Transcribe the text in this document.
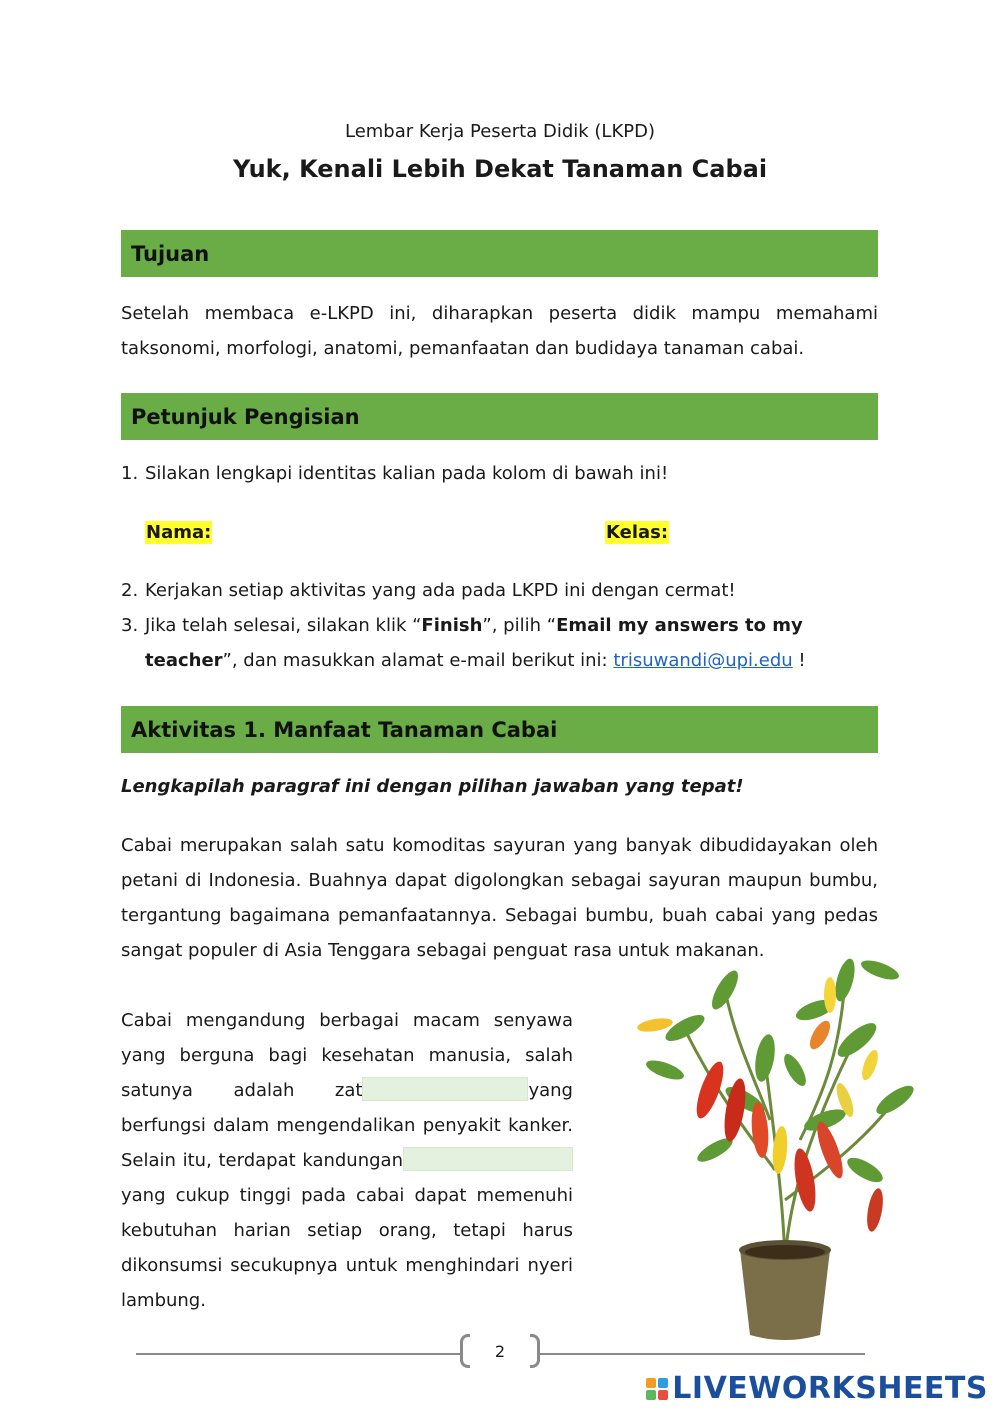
Lembar Kerja Peserta Didik (LKPD)
Yuk, Kenali Lebih Dekat Tanaman Cabai
Tujuan
Setelah membaca e-LKPD ini, diharapkan peserta didik mampu memahami taksonomi, morfologi, anatomi, pemanfaatan dan budidaya tanaman cabai.
Petunjuk Pengisian
1. Silakan lengkapi identitas kalian pada kolom di bawah ini!
Nama:	Kelas:
2. Kerjakan setiap aktivitas yang ada pada LKPD ini dengan cermat!
3. Jika telah selesai, silakan klik “Finish”, pilih “Email my answers to my
teacher”, dan masukkan alamat e-mail berikut ini: trisuwandi@upi.edu !
Aktivitas 1. Manfaat Tanaman Cabai
Lengkapilah paragraf ini dengan pilihan jawaban yang tepat!
Cabai merupakan salah satu komoditas sayuran yang banyak dibudidayakan oleh petani di Indonesia. Buahnya dapat digolongkan sebagai sayuran maupun bumbu, tergantung bagaimana pemanfaatannya. Sebagai bumbu, buah cabai yang pedas sangat populer di Asia Tenggara sebagai penguat rasa untuk makanan.
Cabai mengandung berbagai macam senyawa yang berguna bagi kesehatan manusia, salah satunya adalah zat	yang berfungsi dalam mengendalikan penyakit kanker. Selain itu, terdapat kandunganyang cukup tinggi pada cabai dapat memenuhi kebutuhan harian setiap orang, tetapi harus dikonsumsi secukupnya untuk menghindari nyeri lambung.
2
LIVEWORKSHEETS
